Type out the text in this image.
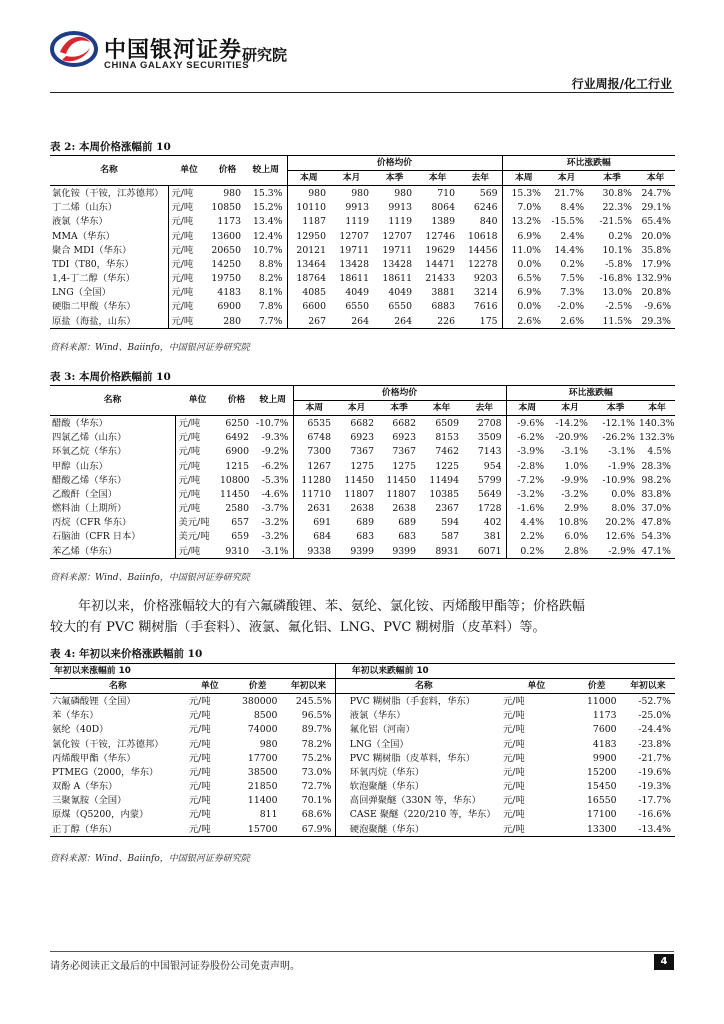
中国银河证券
CHINA GALAXY SECURITIES
研究院
行业周报/化工行业
表 2: 本周价格涨幅前 10
名称	单位	价格	较上周	价格均价					环比涨跌幅			
				本周	本月	本季	本年	去年	本周	本月	本季	本年
氯化铵（干铵，江苏德邦）	元/吨	980	15.3%	980	980	980	710	569	15.3%	21.7%	30.8%	24.7%
丁二烯（山东）	元/吨	10850	15.2%	10110	9913	9913	8064	6246	7.0%	8.4%	22.3%	29.1%
液氯（华东）	元/吨	1173	13.4%	1187	1119	1119	1389	840	13.2%	-15.5%	-21.5%	65.4%
MMA（华东）	元/吨	13600	12.4%	12950	12707	12707	12746	10618	6.9%	2.4%	0.2%	20.0%
聚合 MDI（华东）	元/吨	20650	10.7%	20121	19711	19711	19629	14456	11.0%	14.4%	10.1%	35.8%
TDI（T80，华东）	元/吨	14250	8.8%	13464	13428	13428	14471	12278	0.0%	0.2%	-5.8%	17.9%
1,4-丁二醇（华东）	元/吨	19750	8.2%	18764	18611	18611	21433	9203	6.5%	7.5%	-16.8%	132.9%
LNG（全国）	元/吨	4183	8.1%	4085	4049	4049	3881	3214	6.9%	7.3%	13.0%	20.8%
硬脂二甲酸（华东）	元/吨	6900	7.8%	6600	6550	6550	6883	7616	0.0%	-2.0%	-2.5%	-9.6%
原盐（海盐，山东）	元/吨	280	7.7%	267	264	264	226	175	2.6%	2.6%	11.5%	29.3%
资料来源：Wind、Baiinfo，中国银河证券研究院
表 3: 本周价格跌幅前 10
名称	单位	价格	较上周	价格均价					环比涨跌幅			
				本周	本月	本季	本年	去年	本周	本月	本季	本年
醋酸（华东）	元/吨	6250	-10.7%	6535	6682	6682	6509	2708	-9.6%	-14.2%	-12.1%	140.3%
四氯乙烯（山东）	元/吨	6492	-9.3%	6748	6923	6923	8153	3509	-6.2%	-20.9%	-26.2%	132.3%
环氧乙烷（华东）	元/吨	6900	-9.2%	7300	7367	7367	7462	7143	-3.9%	-3.1%	-3.1%	4.5%
甲醇（山东）	元/吨	1215	-6.2%	1267	1275	1275	1225	954	-2.8%	1.0%	-1.9%	28.3%
醋酸乙烯（华东）	元/吨	10800	-5.3%	11280	11450	11450	11494	5799	-7.2%	-9.9%	-10.9%	98.2%
乙酸酐（全国）	元/吨	11450	-4.6%	11710	11807	11807	10385	5649	-3.2%	-3.2%	0.0%	83.8%
燃料油（上期所）	元/吨	2580	-3.7%	2631	2638	2638	2367	1728	-1.6%	2.9%	8.0%	37.0%
丙烷（CFR 华东）	美元/吨	657	-3.2%	691	689	689	594	402	4.4%	10.8%	20.2%	47.8%
石脑油（CFR 日本）	美元/吨	659	-3.2%	684	683	683	587	381	2.2%	6.0%	12.6%	54.3%
苯乙烯（华东）	元/吨	9310	-3.1%	9338	9399	9399	8931	6071	0.2%	2.8%	-2.9%	47.1%
资料来源：Wind、Baiinfo，中国银河证券研究院
年初以来，价格涨幅较大的有六氟磷酸锂、苯、氨纶、氯化铵、丙烯酸甲酯等；价格跌幅
较大的有 PVC 糊树脂（手套料）、液氯、氟化铝、LNG、PVC 糊树脂（皮革料）等。
表 4: 年初以来价格涨跌幅前 10
年初以来涨幅前 10					年初以来跌幅前 10			
名称	单位	价差	年初以来		名称	单位	价差	年初以来
六氟磷酸锂（全国）	元/吨	380000	245.5%		PVC 糊树脂（手套料，华东）	元/吨	11000	-52.7%
苯（华东）	元/吨	8500	96.5%		液氯（华东）	元/吨	1173	-25.0%
氨纶（40D）	元/吨	74000	89.7%		氟化铝（河南）	元/吨	7600	-24.4%
氯化铵（干铵，江苏德邦）	元/吨	980	78.2%		LNG（全国）	元/吨	4183	-23.8%
丙烯酸甲酯（华东）	元/吨	17700	75.2%		PVC 糊树脂（皮革料，华东）	元/吨	9900	-21.7%
PTMEG（2000，华东）	元/吨	38500	73.0%		环氧丙烷（华东）	元/吨	15200	-19.6%
双酚 A（华东）	元/吨	21850	72.7%		软泡聚醚（华东）	元/吨	15450	-19.3%
三聚氰胺（全国）	元/吨	11400	70.1%		高回弹聚醚（330N 等，华东）	元/吨	16550	-17.7%
原煤（Q5200，内蒙）	元/吨	811	68.6%		CASE 聚醚（220/210 等，华东）	元/吨	17100	-16.6%
正丁醇（华东）	元/吨	15700	67.9%		硬泡聚醚（华东）	元/吨	13300	-13.4%
资料来源：Wind、Baiinfo，中国银河证券研究院
请务必阅读正文最后的中国银河证券股份公司免责声明。	4
